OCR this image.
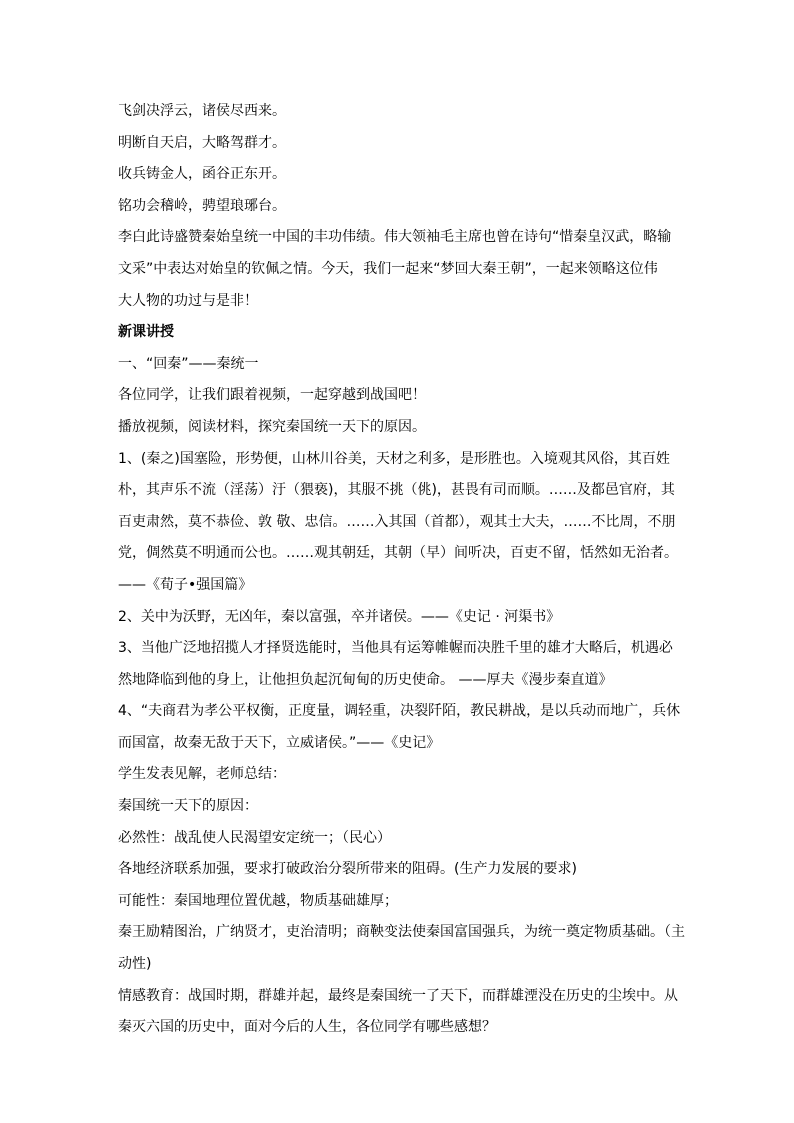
飞剑决浮云，诸侯尽西来。

明断自天启，大略驾群才。

收兵铸金人，函谷正东开。

铭功会稽岭，骋望琅琊台。

李白此诗盛赞秦始皇统一中国的丰功伟绩。伟大领袖毛主席也曾在诗句“惜秦皇汉武，略输

文采”中表达对始皇的钦佩之情。今天，我们一起来“梦回大秦王朝”，一起来领略这位伟

大人物的功过与是非！

新课讲授

一、“回秦”——秦统一

各位同学，让我们跟着视频，一起穿越到战国吧！

播放视频，阅读材料，探究秦国统一天下的原因。

1、(秦之)国塞险，形势便，山林川谷美，天材之利多，是形胜也。入境观其风俗，其百姓

朴，其声乐不流（淫荡）汙（猥亵)，其服不挑（佻)，甚畏有司而顺。……及都邑官府，其

百吏肃然，莫不恭俭、敦 敬、忠信。……入其国（首都），观其士大夫，……不比周，不朋

党，倜然莫不明通而公也。……观其朝廷，其朝（早）间听决，百吏不留，恬然如无治者。

——《荀子•强国篇》

2、关中为沃野，无凶年，秦以富强，卒并诸侯。——《史记 · 河渠书》

3、当他广泛地招揽人才择贤选能时，当他具有运筹帷幄而决胜千里的雄才大略后，机遇必

然地降临到他的身上，让他担负起沉甸甸的历史使命。 ——厚夫《漫步秦直道》

4、“夫商君为孝公平权衡，正度量，调轻重，决裂阡陌，教民耕战，是以兵动而地广，兵休

而国富，故秦无敌于天下，立威诸侯。”——《史记》

学生发表见解，老师总结：

秦国统一天下的原因：

必然性：战乱使人民渴望安定统一；（民心）

各地经济联系加强，要求打破政治分裂所带来的阻碍。(生产力发展的要求)

可能性：秦国地理位置优越，物质基础雄厚；

秦王励精图治，广纳贤才，吏治清明；商鞅变法使秦国富国强兵，为统一奠定物质基础。（主

动性)

情感教育：战国时期，群雄并起，最终是秦国统一了天下，而群雄湮没在历史的尘埃中。从

秦灭六国的历史中，面对今后的人生，各位同学有哪些感想？
